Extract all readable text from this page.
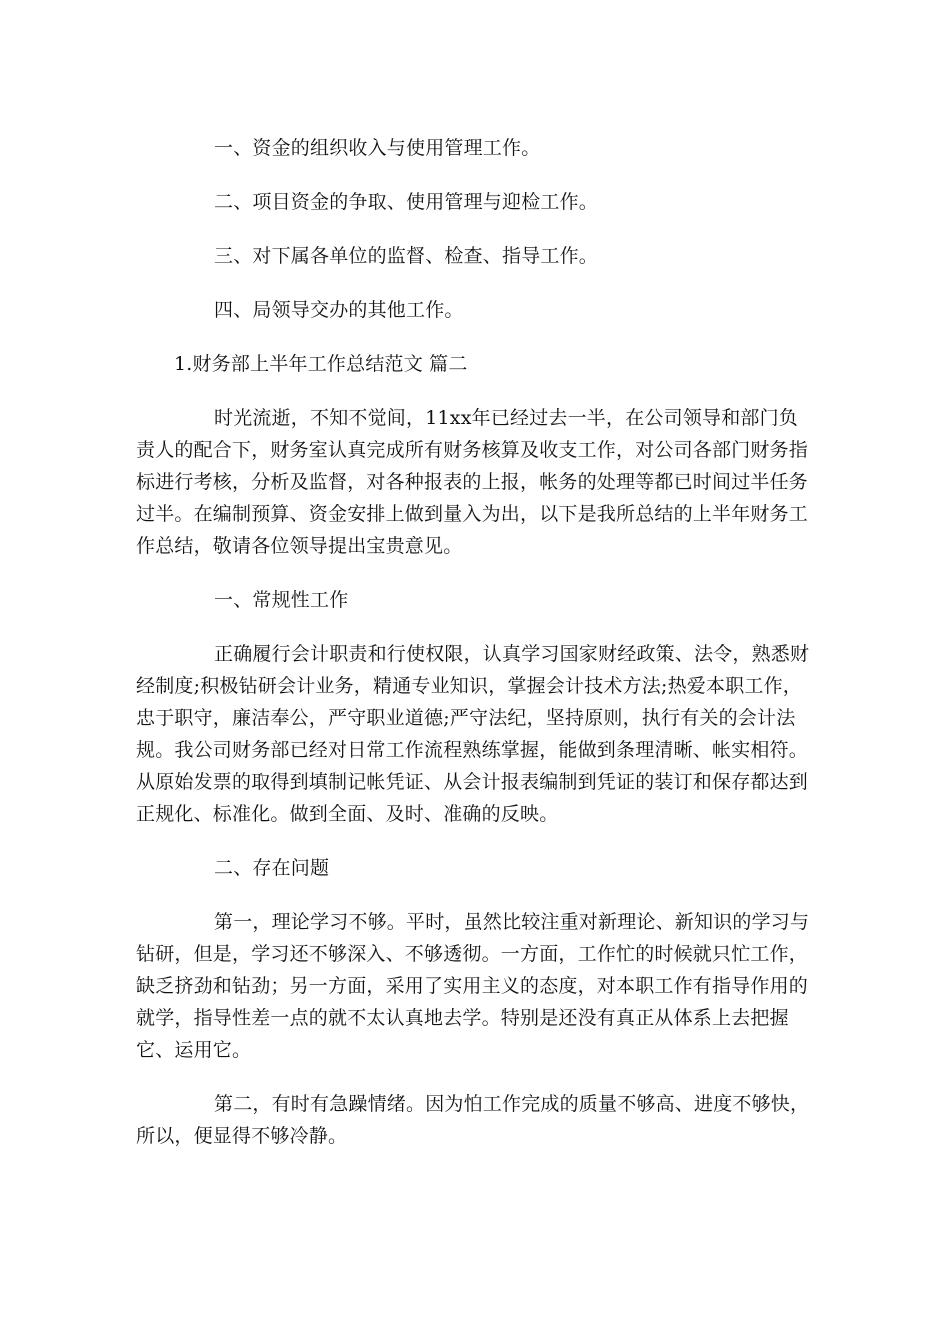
一、资金的组织收入与使用管理工作。

二、项目资金的争取、使用管理与迎检工作。

三、对下属各单位的监督、检查、指导工作。

四、局领导交办的其他工作。

1.财务部上半年工作总结范文 篇二

时光流逝，不知不觉间，11xx年已经过去一半，在公司领导和部门负责人的配合下，财务室认真完成所有财务核算及收支工作，对公司各部门财务指标进行考核，分析及监督，对各种报表的上报，帐务的处理等都已时间过半任务过半。在编制预算、资金安排上做到量入为出，以下是我所总结的上半年财务工作总结，敬请各位领导提出宝贵意见。

一、常规性工作

正确履行会计职责和行使权限，认真学习国家财经政策、法令，熟悉财经制度;积极钻研会计业务，精通专业知识，掌握会计技术方法;热爱本职工作，忠于职守，廉洁奉公，严守职业道德;严守法纪，坚持原则，执行有关的会计法规。我公司财务部已经对日常工作流程熟练掌握，能做到条理清晰、帐实相符。从原始发票的取得到填制记帐凭证、从会计报表编制到凭证的装订和保存都达到正规化、标准化。做到全面、及时、准确的反映。

二、存在问题

第一，理论学习不够。平时，虽然比较注重对新理论、新知识的学习与钻研，但是，学习还不够深入、不够透彻。一方面，工作忙的时候就只忙工作，缺乏挤劲和钻劲；另一方面，采用了实用主义的态度，对本职工作有指导作用的就学，指导性差一点的就不太认真地去学。特别是还没有真正从体系上去把握它、运用它。

第二，有时有急躁情绪。因为怕工作完成的质量不够高、进度不够快，所以，便显得不够冷静。
